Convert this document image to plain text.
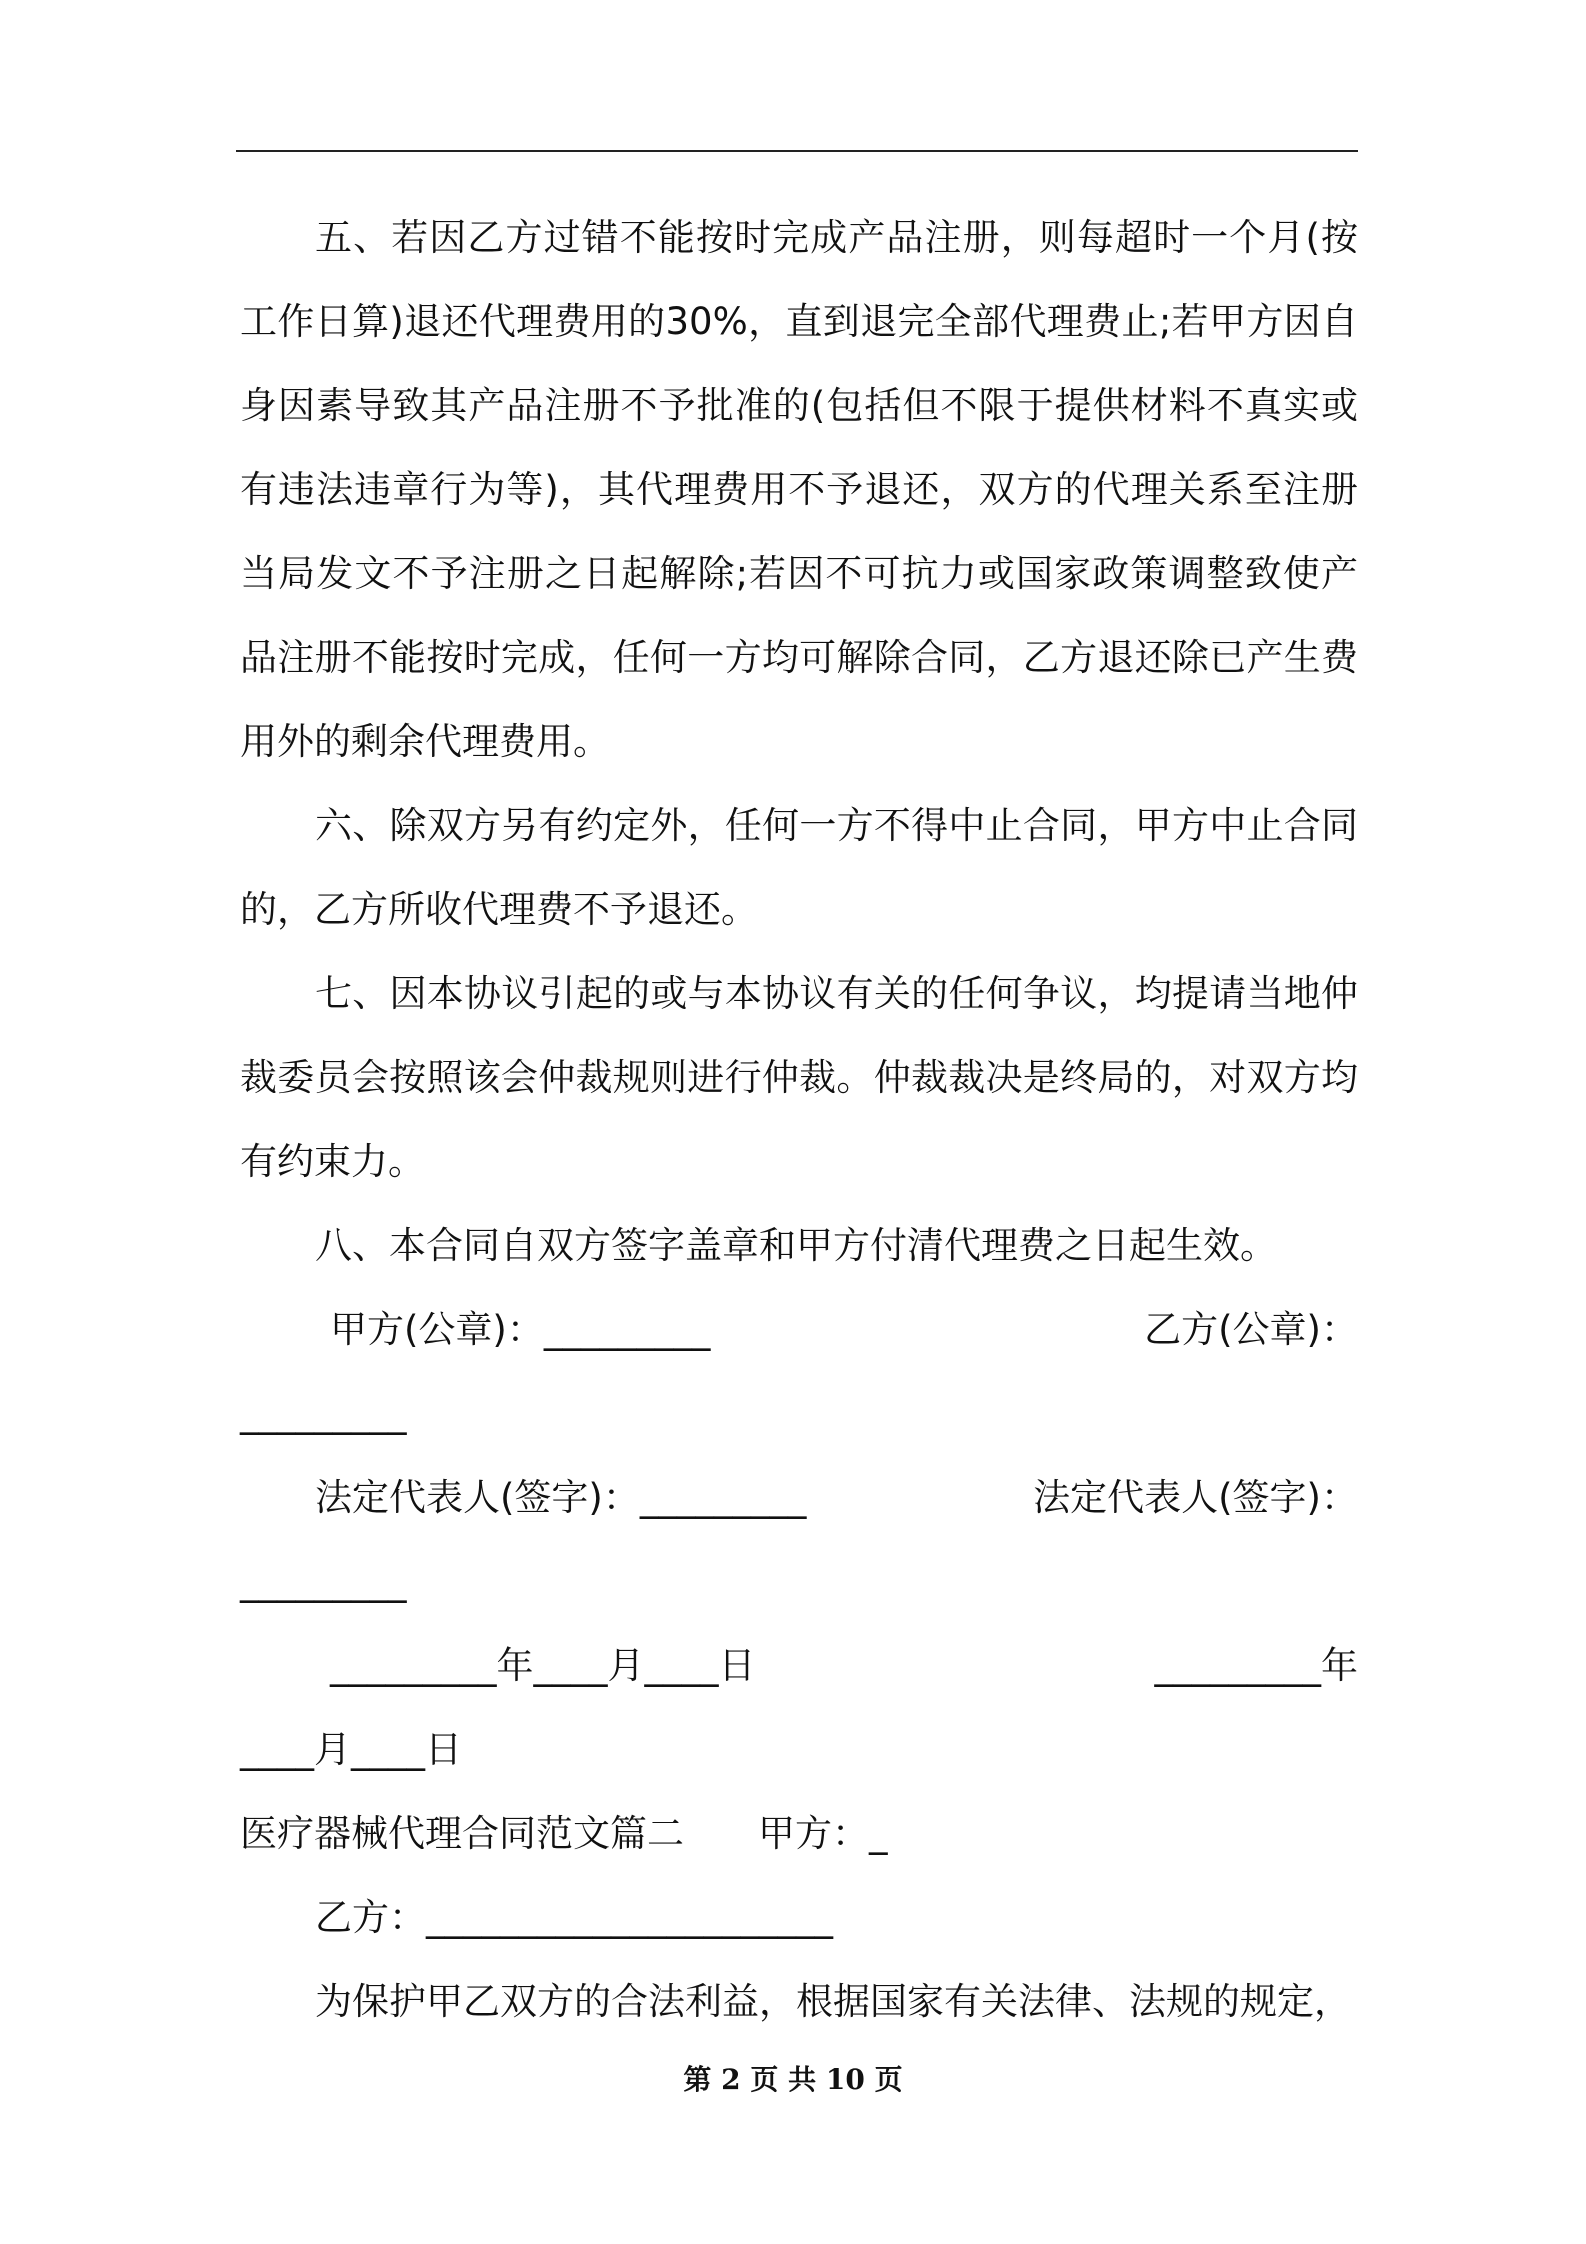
五、若因乙方过错不能按时完成产品注册，则每超时一个月(按工作日算)退还代理费用的30%，直到退完全部代理费止;若甲方因自身因素导致其产品注册不予批准的(包括但不限于提供材料不真实或有违法违章行为等)，其代理费用不予退还，双方的代理关系至注册当局发文不予注册之日起解除;若因不可抗力或国家政策调整致使产品注册不能按时完成，任何一方均可解除合同，乙方退还除已产生费用外的剩余代理费用。

六、除双方另有约定外，任何一方不得中止合同，甲方中止合同的，乙方所收代理费不予退还。

七、因本协议引起的或与本协议有关的任何争议，均提请当地仲裁委员会按照该会仲裁规则进行仲裁。仲裁裁决是终局的，对双方均有约束力。

八、本合同自双方签字盖章和甲方付清代理费之日起生效。

甲方(公章)：_________

	乙方(公章)：

_________

法定代表人(签字)：_________

	法定代表人(签字)：

_________

_________年____月____日

	_________年

____月____日

医疗器械代理合同范文篇二　　甲方：_

乙方：______________________

为保护甲乙双方的合法利益，根据国家有关法律、法规的规定，

第 2 页 共 10 页
